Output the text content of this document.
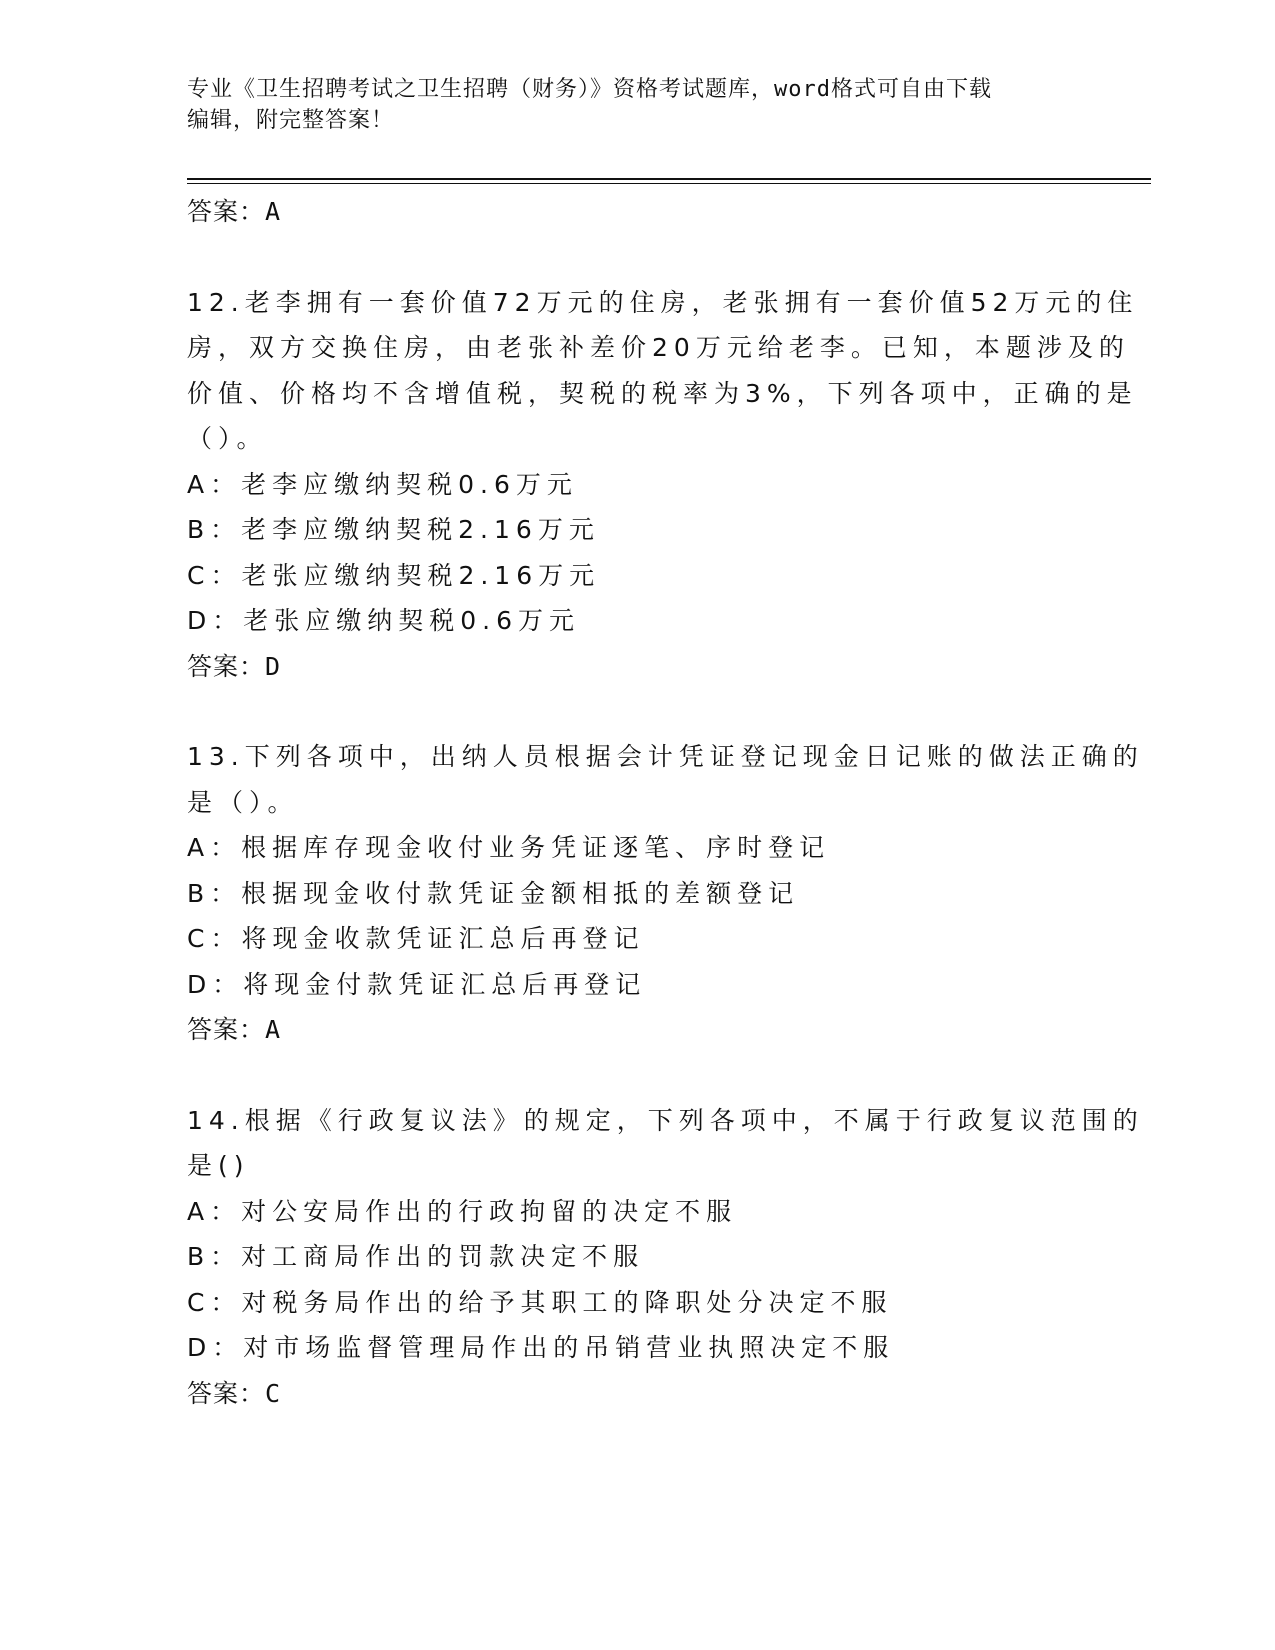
专业《卫生招聘考试之卫生招聘（财务）》资格考试题库，word格式可自由下载
编辑，附完整答案！
答案：A
12.老李拥有一套价值72万元的住房，老张拥有一套价值52万元的住
房，双方交换住房，由老张补差价20万元给老李。已知，本题涉及的
价值、价格均不含增值税，契税的税率为3%，下列各项中，正确的是
（）。
A：老李应缴纳契税0.6万元
B：老李应缴纳契税2.16万元
C：老张应缴纳契税2.16万元
D：老张应缴纳契税0.6万元
答案：D
13.下列各项中，出纳人员根据会计凭证登记现金日记账的做法正确的
是（）。
A：根据库存现金收付业务凭证逐笔、序时登记
B：根据现金收付款凭证金额相抵的差额登记
C：将现金收款凭证汇总后再登记
D：将现金付款凭证汇总后再登记
答案：A
14.根据《行政复议法》的规定，下列各项中，不属于行政复议范围的
是()
A：对公安局作出的行政拘留的决定不服
B：对工商局作出的罚款决定不服
C：对税务局作出的给予其职工的降职处分决定不服
D：对市场监督管理局作出的吊销营业执照决定不服
答案：C
